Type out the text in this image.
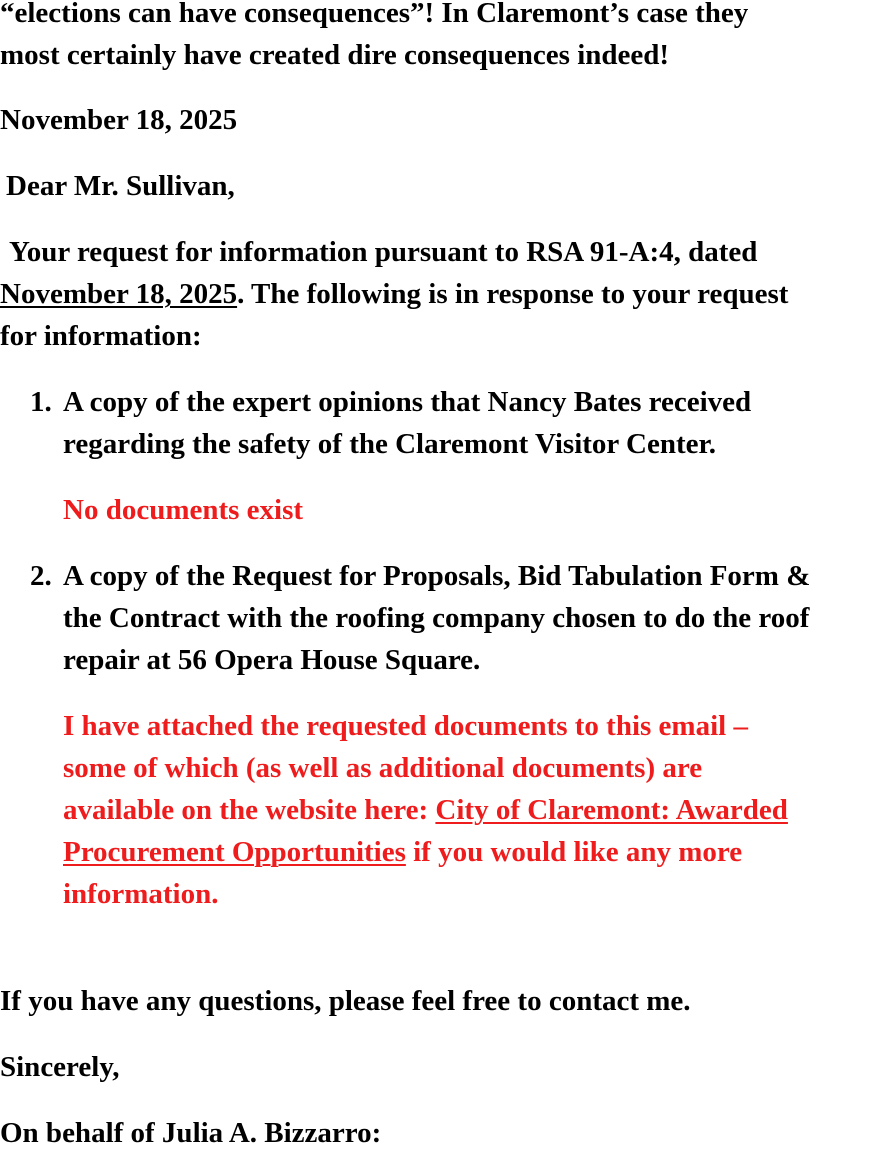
“elections can have consequences”! In Claremont’s case they

most certainly have created dire consequences indeed!

November 18, 2025

Dear Mr. Sullivan,

Your request for information pursuant to RSA 91-A:4, dated

November 18, 2025. The following is in response to your request

for information:

1. A copy of the expert opinions that Nancy Bates received

regarding the safety of the Claremont Visitor Center.

No documents exist

2. A copy of the Request for Proposals, Bid Tabulation Form &

the Contract with the roofing company chosen to do the roof

repair at 56 Opera House Square.

I have attached the requested documents to this email –

some of which (as well as additional documents) are

available on the website here: City of Claremont: Awarded

Procurement Opportunities if you would like any more

information.

If you have any questions, please feel free to contact me.

Sincerely,

On behalf of Julia A. Bizzarro:
